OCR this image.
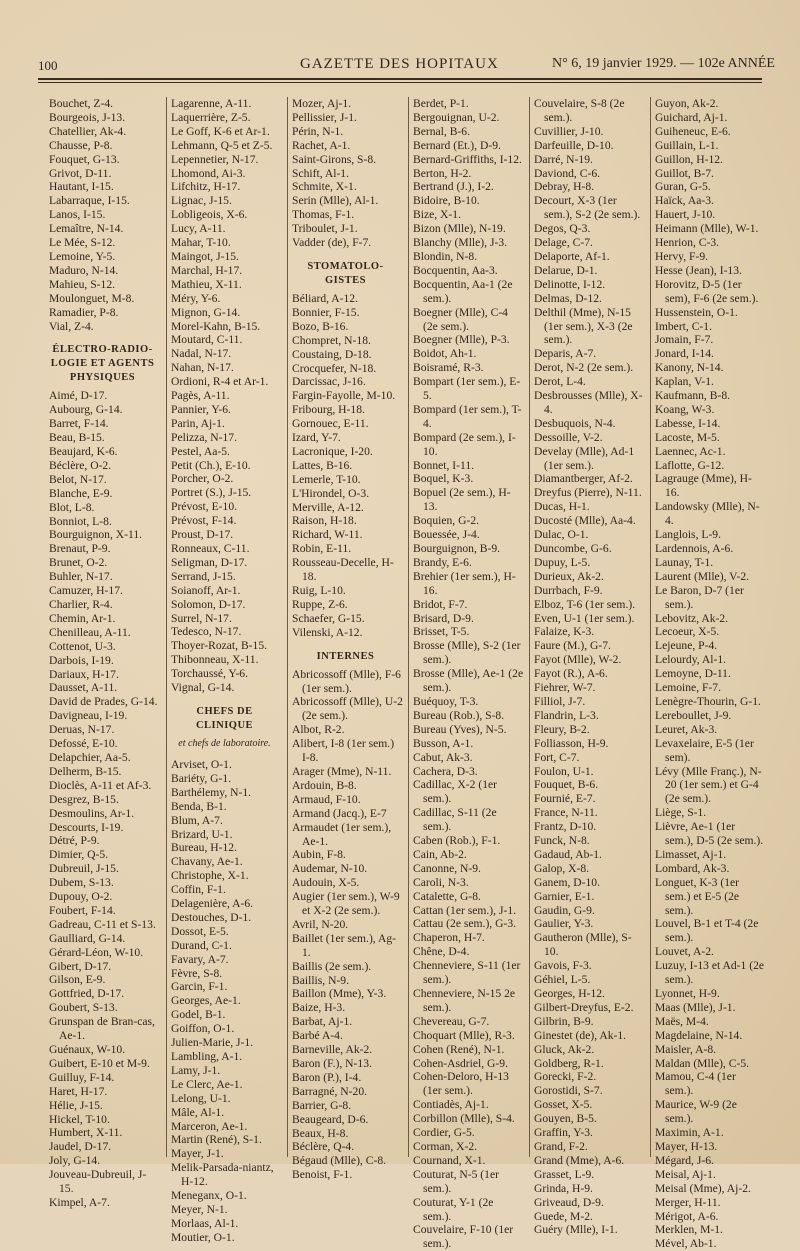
100	GAZETTE DES HOPITAUX	N° 6, 19 janvier 1929. — 102e ANNÉE
Bouchet, Z-4.
Bourgeois, J-13.
Chatellier, Ak-4.
Chausse, P-8.
Fouquet, G-13.
Grivot, D-11.
Hautant, I-15.
Labarraque, I-15.
Lanos, I-15.
Lemaître, N-14.
Le Mée, S-12.
Lemoine, Y-5.
Maduro, N-14.
Mahieu, S-12.
Moulonguet, M-8.
Ramadier, P-8.
Vial, Z-4.
ÉLECTRO-RADIO-LOGIE ET AGENTS PHYSIQUES
Aimé, D-17.
Aubourg, G-14.
Barret, F-14.
Beau, B-15.
Beaujard, K-6.
Béclère, O-2.
Belot, N-17.
Blanche, E-9.
Blot, L-8.
Bonniot, L-8.
Bourguignon, X-11.
Brenaut, P-9.
Brunet, O-2.
Buhler, N-17.
Camuzer, H-17.
Charlier, R-4.
Chemin, Ar-1.
Chenilleau, A-11.
Cottenot, U-3.
Darbois, I-19.
Dariaux, H-17.
Dausset, A-11.
David de Prades, G-14.
Davigneau, I-19.
Deruas, N-17.
Defossé, E-10.
Delapchier, Aa-5.
Delherm, B-15.
Dioclès, A-11 et Af-3.
Desgrez, B-15.
Desmoulins, Ar-1.
Descourts, I-19.
Détré, P-9.
Dimier, Q-5.
Dubreuil, J-15.
Dubem, S-13.
Dupouy, O-2.
Foubert, F-14.
Gadreau, C-11 et S-13.
Gaulliard, G-14.
Gérard-Léon, W-10.
Gibert, D-17.
Gilson, E-9.
Gottfried, D-17.
Goubert, S-13.
Grunspan de Bran-cas, Ae-1.
Guénaux, W-10.
Guibert, E-10 et M-9.
Guilluy, F-14.
Haret, H-17.
Hélie, J-15.
Hickel, T-10.
Humbert, X-11.
Jaudel, D-17.
Joly, G-14.
Jouveau-Dubreuil, J-15.
Kimpel, A-7.
Lagarenne, A-11.
Laquerrière, Z-5.
Le Goff, K-6 et Ar-1.
Lehmann, Q-5 et Z-5.
Lepennetier, N-17.
Lhomond, Ai-3.
Lifchitz, H-17.
Lignac, J-15.
Lobligeois, X-6.
Lucy, A-11.
Mahar, T-10.
Maingot, J-15.
Marchal, H-17.
Mathieu, X-11.
Méry, Y-6.
Mignon, G-14.
Morel-Kahn, B-15.
Moutard, C-11.
Nadal, N-17.
Nahan, N-17.
Ordioni, R-4 et Ar-1.
Pagès, A-11.
Pannier, Y-6.
Parin, Aj-1.
Pelizza, N-17.
Pestel, Aa-5.
Petit (Ch.), E-10.
Porcher, O-2.
Portret (S.), J-15.
Prévost, E-10.
Prévost, F-14.
Proust, D-17.
Ronneaux, C-11.
Seligman, D-17.
Serrand, J-15.
Soianoff, Ar-1.
Solomon, D-17.
Surrel, N-17.
Tedesco, N-17.
Thoyer-Rozat, B-15.
Thibonneau, X-11.
Torchaussé, Y-6.
Vignal, G-14.
CHEFS DE CLINIQUE
et chefs de laboratoire.
Arviset, O-1.
Bariéty, G-1.
Barthélemy, N-1.
Benda, B-1.
Blum, A-7.
Brizard, U-1.
Bureau, H-12.
Chavany, Ae-1.
Christophe, X-1.
Coffin, F-1.
Delagenière, A-6.
Destouches, D-1.
Dossot, E-5.
Durand, C-1.
Favary, A-7.
Fèvre, S-8.
Garcin, F-1.
Georges, Ae-1.
Godel, B-1.
Goiffon, O-1.
Julien-Marie, J-1.
Lambling, A-1.
Lamy, J-1.
Le Clerc, Ae-1.
Lelong, U-1.
Mâle, Al-1.
Marceron, Ae-1.
Martin (René), S-1.
Mayer, J-1.
Melik-Parsada-niantz, H-12.
Meneganx, O-1.
Meyer, N-1.
Morlaas, Al-1.
Moutier, O-1.
Mozer, Aj-1.
Pellissier, J-1.
Périn, N-1.
Rachet, A-1.
Saint-Girons, S-8.
Schift, Al-1.
Schmite, X-1.
Serin (Mlle), Al-1.
Thomas, F-1.
Triboulet, J-1.
Vadder (de), F-7.
STOMATOLO-GISTES
Béliard, A-12.
Bonnier, F-15.
Bozo, B-16.
Chompret, N-18.
Coustaing, D-18.
Crocquefer, N-18.
Darcissac, J-16.
Fargin-Fayolle, M-10.
Fribourg, H-18.
Gornouec, E-11.
Izard, Y-7.
Lacronique, I-20.
Lattes, B-16.
Lemerle, T-10.
L'Hirondel, O-3.
Merville, A-12.
Raison, H-18.
Richard, W-11.
Robin, E-11.
Rousseau-Decelle, H-18.
Ruig, L-10.
Ruppe, Z-6.
Schaefer, G-15.
Vilenski, A-12.
INTERNES
Abricossoff (Mlle), F-6 (1er sem.).
Abricossoff (Mlle), U-2 (2e sem.).
Albot, R-2.
Alibert, I-8 (1er sem.) I-8.
Arager (Mme), N-11.
Ardouin, B-8.
Armaud, F-10.
Armand (Jacq.), E-7
Armaudet (1er sem.), Ae-1.
Aubin, F-8.
Audemar, N-10.
Audouin, X-5.
Augier (1er sem.), W-9 et X-2 (2e sem.).
Avril, N-20.
Baillet (1er sem.), Ag-1.
Baillis (2e sem.).
Baillis, N-9.
Baillon (Mme), Y-3.
Baize, H-3.
Barbat, Aj-1.
Barbé A-4.
Barneville, Ak-2.
Baron (F.), N-13.
Baron (P.), I-4.
Barragné, N-20.
Barrier, G-8.
Beaugeard, D-6.
Beaux, H-8.
Béclère, Q-4.
Bégaud (Mlle), C-8.
Benoist, F-1.
Berdet, P-1.
Bergouignan, U-2.
Bernal, B-6.
Bernard (Et.), D-9.
Bernard-Griffiths, I-12.
Berton, H-2.
Bertrand (J.), I-2.
Bidoire, B-10.
Bize, X-1.
Bizon (Mlle), N-19.
Blanchy (Mlle), J-3.
Blondin, N-8.
Bocquentin, Aa-3.
Bocquentin, Aa-1 (2e sem.).
Boegner (Mlle), C-4 (2e sem.).
Boegner (Mlle), P-3.
Boidot, Ah-1.
Boisramé, R-3.
Bompart (1er sem.), E-5.
Bompard (1er sem.), T-4.
Bompard (2e sem.), I-10.
Bonnet, I-11.
Boquel, K-3.
Bopuel (2e sem.), H-13.
Boquien, G-2.
Bouessée, J-4.
Bourguignon, B-9.
Brandy, E-6.
Brehier (1er sem.), H-16.
Bridot, F-7.
Brisard, D-9.
Brisset, T-5.
Brosse (Mlle), S-2 (1er sem.).
Brosse (Mlle), Ae-1 (2e sem.).
Buéquoy, T-3.
Bureau (Rob.), S-8.
Bureau (Yves), N-5.
Busson, A-1.
Cabut, Ak-3.
Cachera, D-3.
Cadillac, X-2 (1er sem.).
Cadillac, S-11 (2e sem.).
Caben (Rob.), F-1.
Cain, Ab-2.
Canonne, N-9.
Caroli, N-3.
Catalette, G-8.
Cattan (1er sem.), J-1.
Cattau (2e sem.), G-3.
Chaperon, H-7.
Chêne, D-4.
Chenneviere, S-11 (1er sem.).
Chenneviere, N-15 2e sem.).
Chevereau, G-7.
Choquart (Mlle), R-3.
Cohen (René), N-1.
Cohen-Asdriel, G-9.
Cohen-Deloro, H-13 (1er sem.).
Contiadès, Aj-1.
Corbillon (Mlle), S-4.
Cordier, G-5.
Corman, X-2.
Cournand, X-1.
Couturat, N-5 (1er sem.).
Couturat, Y-1 (2e sem.).
Couvelaire, F-10 (1er sem.).
Couvelaire, S-8 (2e sem.).
Cuvillier, J-10.
Darfeuille, D-10.
Darré, N-19.
Daviond, C-6.
Debray, H-8.
Decourt, X-3 (1er sem.), S-2 (2e sem.).
Degos, Q-3.
Delage, C-7.
Delaporte, Af-1.
Delarue, D-1.
Delinotte, I-12.
Delmas, D-12.
Delthil (Mme), N-15 (1er sem.), X-3 (2e sem.).
Deparis, A-7.
Derot, N-2 (2e sem.).
Derot, L-4.
Desbrousses (Mlle), X-4.
Desbuquois, N-4.
Dessoille, V-2.
Develay (Mlle), Ad-1 (1er sem.).
Diamantberger, Af-2.
Dreyfus (Pierre), N-11.
Ducas, H-1.
Ducosté (Mlle), Aa-4.
Dulac, O-1.
Duncombe, G-6.
Dupuy, L-5.
Durieux, Ak-2.
Durrbach, F-9.
Elboz, T-6 (1er sem.).
Even, U-1 (1er sem.).
Falaize, K-3.
Faure (M.), G-7.
Fayot (Mlle), W-2.
Fayot (R.), A-6.
Fiehrer, W-7.
Filliol, J-7.
Flandrin, L-3.
Fleury, B-2.
Folliasson, H-9.
Fort, C-7.
Foulon, U-1.
Fouquet, B-6.
Fournié, E-7.
France, N-11.
Frantz, D-10.
Funck, N-8.
Gadaud, Ab-1.
Galop, X-8.
Ganem, D-10.
Garnier, E-1.
Gaudin, G-9.
Gaulier, Y-3.
Gautheron (Mlle), S-10.
Gavois, F-3.
Géhiel, L-5.
Georges, H-12.
Gilbert-Dreyfus, E-2.
Gilbrin, B-9.
Ginestet (de), Ak-1.
Gluck, Ak-2.
Goldberg, R-1.
Gorecki, F-2.
Gorostidi, S-7.
Gosset, X-5.
Gouyen, B-5.
Graffin, Y-3.
Grand, F-2.
Grand (Mme), A-6.
Grasset, L-9.
Grinda, H-9.
Griveaud, D-9.
Guede, M-2.
Guéry (Mlle), I-1.
Guyon, Ak-2.
Guichard, Aj-1.
Guiheneuc, E-6.
Guillain, L-1.
Guillon, H-12.
Guillot, B-7.
Guran, G-5.
Haïck, Aa-3.
Hauert, J-10.
Heimann (Mlle), W-1.
Henrion, C-3.
Hervy, F-9.
Hesse (Jean), I-13.
Horovitz, D-5 (1er sem), F-6 (2e sem.).
Hussenstein, O-1.
Imbert, C-1.
Jomain, F-7.
Jonard, I-14.
Kanony, N-14.
Kaplan, V-1.
Kaufmann, B-8.
Koang, W-3.
Labesse, I-14.
Lacoste, M-5.
Laennec, Ac-1.
Laflotte, G-12.
Lagrauge (Mme), H-16.
Landowsky (Mlle), N-4.
Langlois, L-9.
Lardennois, A-6.
Launay, T-1.
Laurent (Mlle), V-2.
Le Baron, D-7 (1er sem.).
Lebovitz, Ak-2.
Lecoeur, X-5.
Lejeune, P-4.
Lelourdy, Al-1.
Lemoyne, D-11.
Lemoine, F-7.
Lenègre-Thourin, G-1.
Lereboullet, J-9.
Leuret, Ak-3.
Levaxelaire, E-5 (1er sem).
Lévy (Mlle Franç.), N-20 (1er sem.) et G-4 (2e sem.).
Liège, S-1.
Lièvre, Ae-1 (1er sem.), D-5 (2e sem.).
Limasset, Aj-1.
Lombard, Ak-3.
Longuet, K-3 (1er sem.) et E-5 (2e sem.).
Louvel, B-1 et T-4 (2e sem.).
Louvet, A-2.
Luzuy, I-13 et Ad-1 (2e sem.).
Lyonnet, H-9.
Maas (Mlle), J-1.
Maës, M-4.
Magdelaine, N-14.
Maisler, A-8.
Maldan (Mlle), C-5.
Mamou, C-4 (1er sem.).
Maurice, W-9 (2e sem.).
Maximin, A-1.
Mayer, H-13.
Mégard, J-6.
Meisal, Aj-1.
Meisal (Mme), Aj-2.
Merger, H-11.
Mérigot, A-6.
Merklen, M-1.
Mével, Ab-1.
